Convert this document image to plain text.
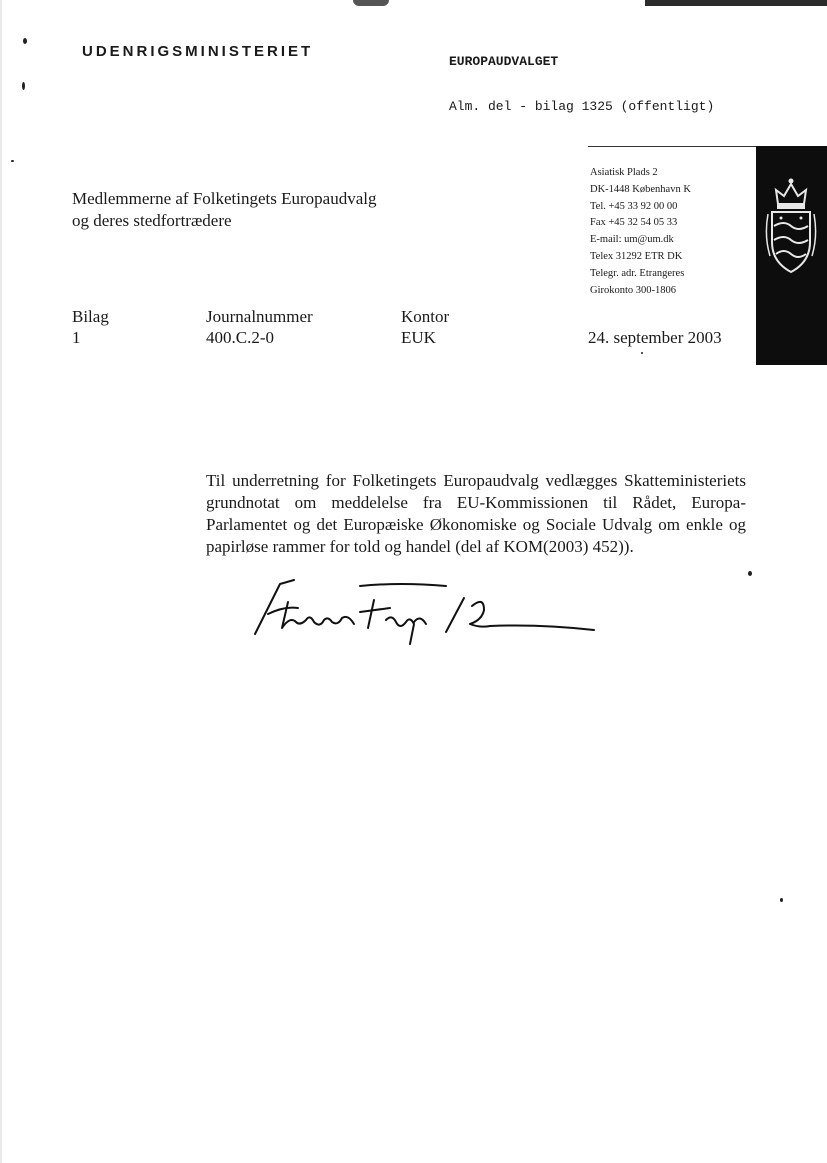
UDENRIGSMINISTERIET

EUROPAUDVALGET

Alm. del - bilag 1325 (offentligt)

Medlemmerne af Folketingets Europaudvalg
og deres stedfortrædere
Asiatisk Plads 2
DK-1448 København K
Tel. +45 33 92 00 00
Fax +45 32 54 05 33
E-mail: um@um.dk
Telex 31292 ETR DK
Telegr. adr. Etrangeres
Girokonto 300-1806
Bilag
1
Journalnummer
400.C.2-0
Kontor
EUK	24. september 2003
Til underretning for Folketingets Europaudvalg vedlægges Skatteministeriets grundnotat om meddelelse fra EU-Kommissionen til Rådet, Europa-Parlamentet og det Europæiske Økonomiske og Sociale Udvalg om enkle og papirløse rammer for told og handel (del af KOM(2003) 452)).
